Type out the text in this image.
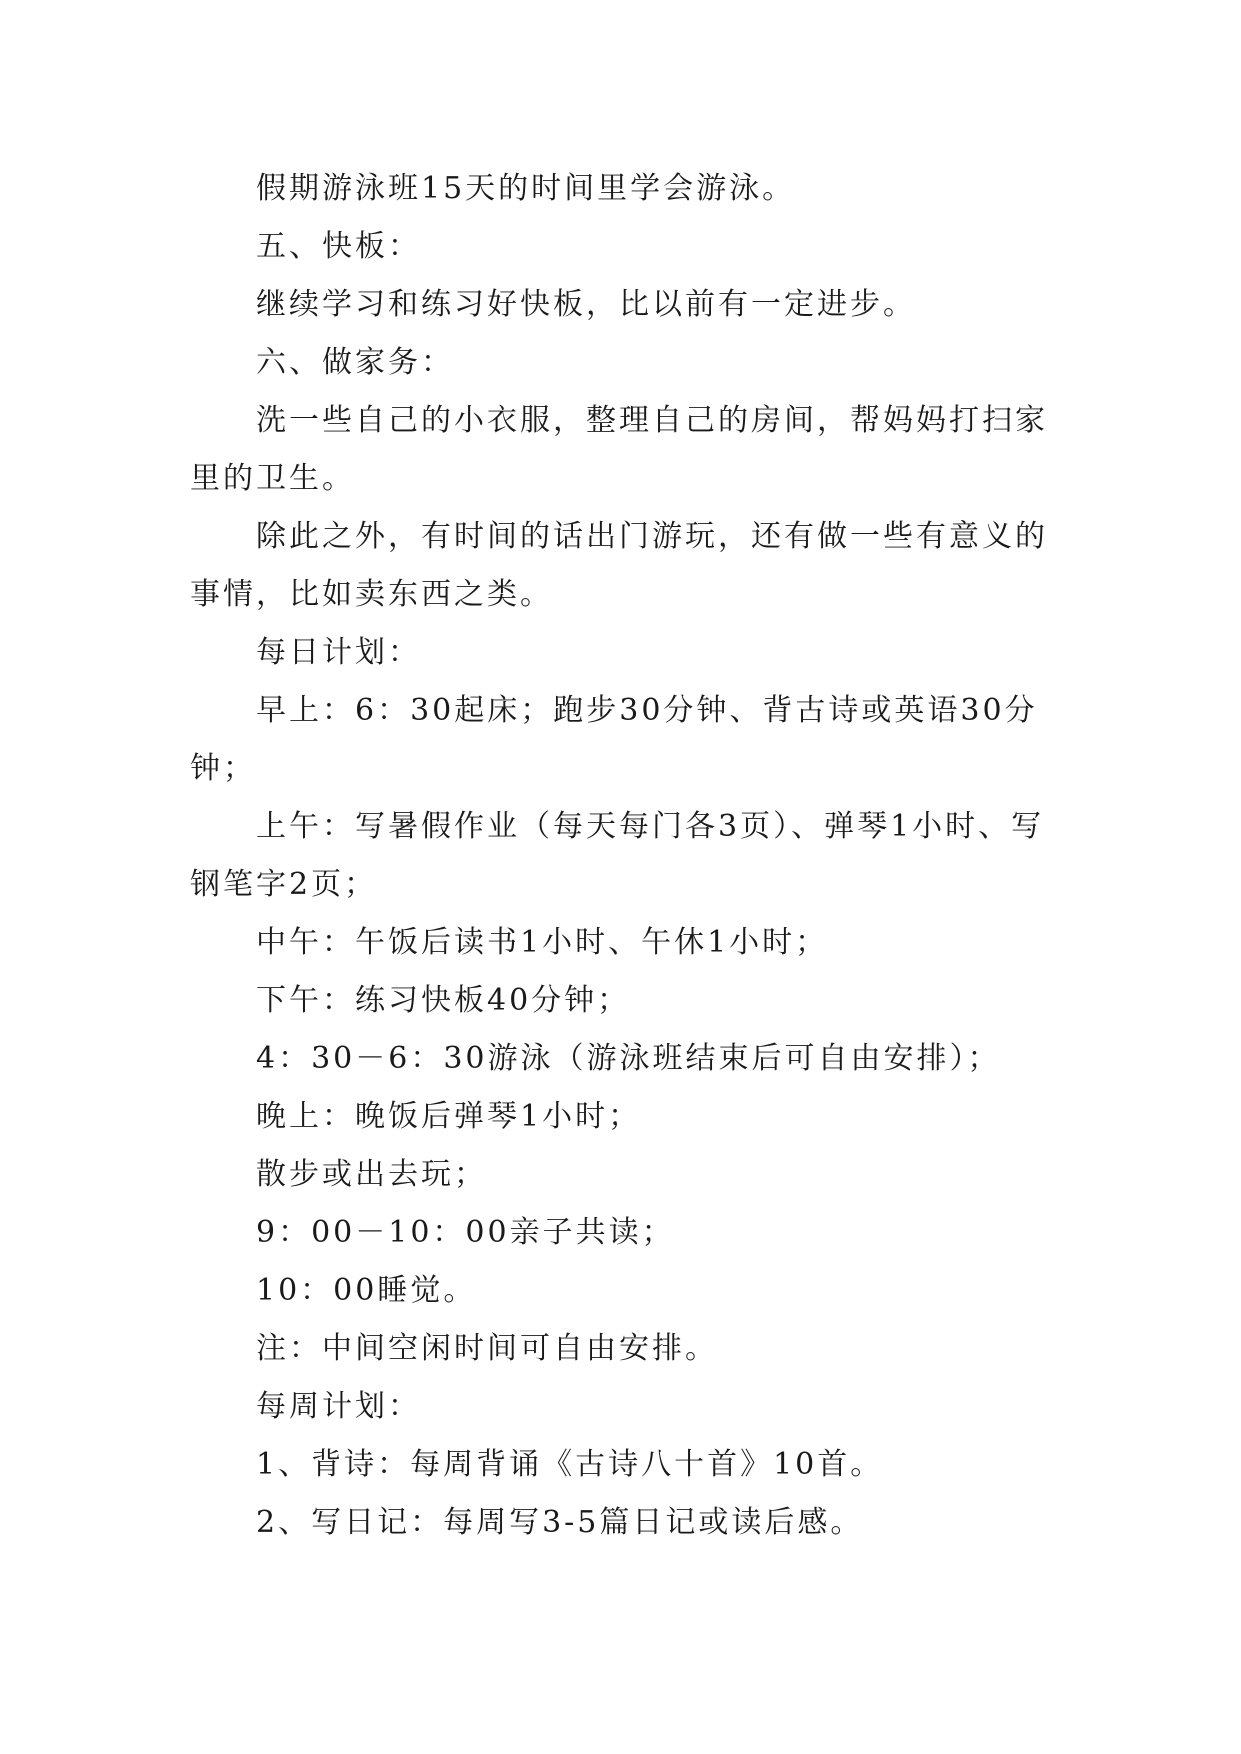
假期游泳班15天的时间里学会游泳。

五、快板：

继续学习和练习好快板，比以前有一定进步。

六、做家务：

洗一些自己的小衣服，整理自己的房间，帮妈妈打扫家里的卫生。

除此之外，有时间的话出门游玩，还有做一些有意义的事情，比如卖东西之类。

每日计划：

早上：6：30起床；跑步30分钟、背古诗或英语30分钟；

上午：写暑假作业（每天每门各3页）、弹琴1小时、写钢笔字2页；

中午：午饭后读书1小时、午休1小时；

下午：练习快板40分钟；

4：30－6：30游泳（游泳班结束后可自由安排）；

晚上：晚饭后弹琴1小时；

散步或出去玩；

9：00－10：00亲子共读；

10：00睡觉。

注：中间空闲时间可自由安排。

每周计划：

1、背诗：每周背诵《古诗八十首》10首。

2、写日记：每周写3-5篇日记或读后感。
